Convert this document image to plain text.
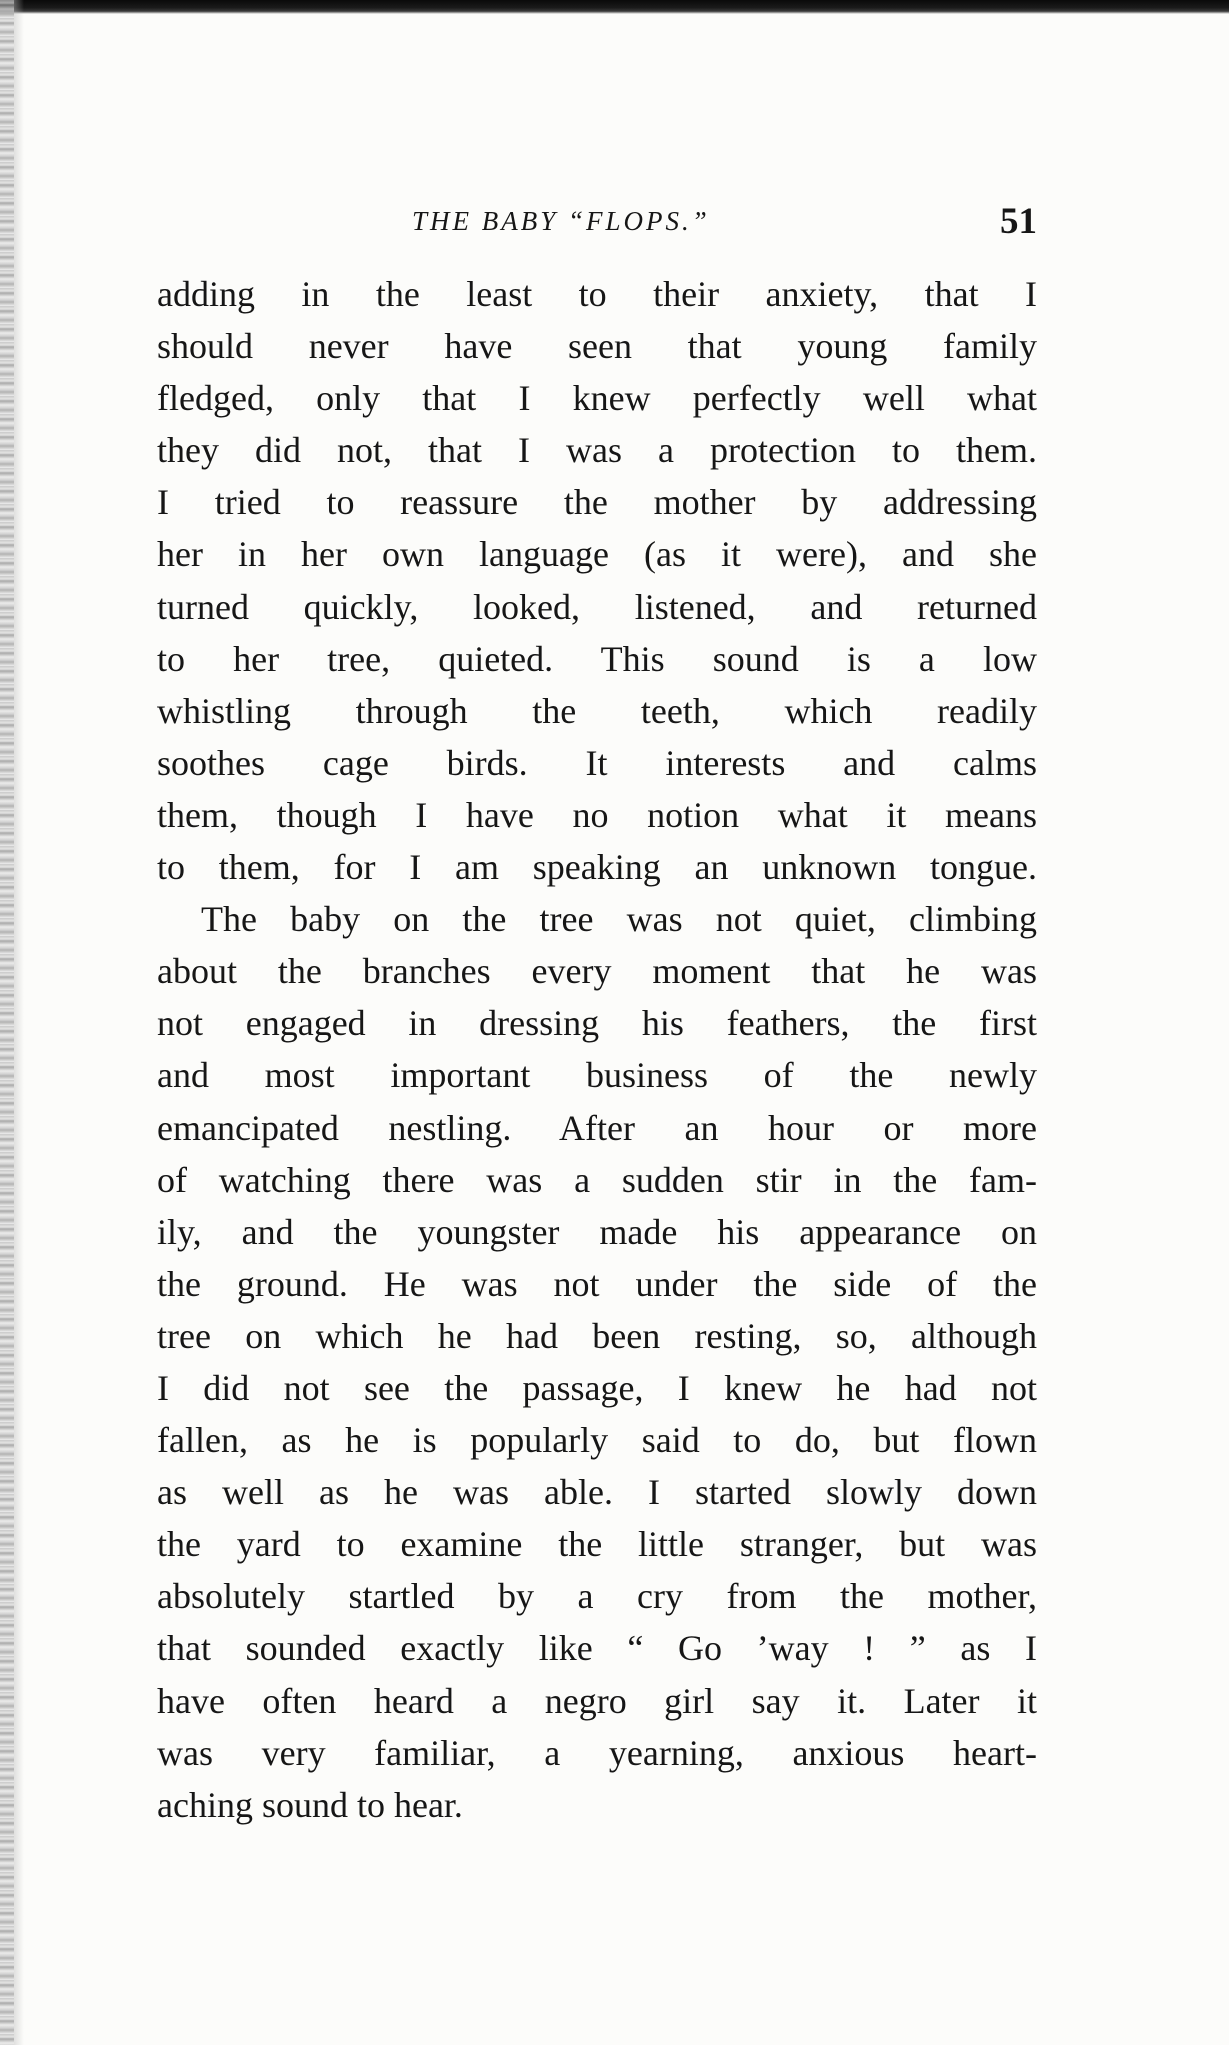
THE BABY “FLOPS.”	51
adding in the least to their anxiety, that I
should never have seen that young family
fledged, only that I knew perfectly well what
they did not, that I was a protection to them.
I tried to reassure the mother by addressing
her in her own language (as it were), and she
turned quickly, looked, listened, and returned
to her tree, quieted. This sound is a low
whistling through the teeth, which readily
soothes cage birds. It interests and calms
them, though I have no notion what it means
to them, for I am speaking an unknown tongue.
The baby on the tree was not quiet, climbing
about the branches every moment that he was
not engaged in dressing his feathers, the first
and most important business of the newly
emancipated nestling. After an hour or more
of watching there was a sudden stir in the fam-
ily, and the youngster made his appearance on
the ground. He was not under the side of the
tree on which he had been resting, so, although
I did not see the passage, I knew he had not
fallen, as he is popularly said to do, but flown
as well as he was able. I started slowly down
the yard to examine the little stranger, but was
absolutely startled by a cry from the mother,
that sounded exactly like “ Go ’way ! ” as I
have often heard a negro girl say it. Later it
was very familiar, a yearning, anxious heart-
aching sound to hear.
